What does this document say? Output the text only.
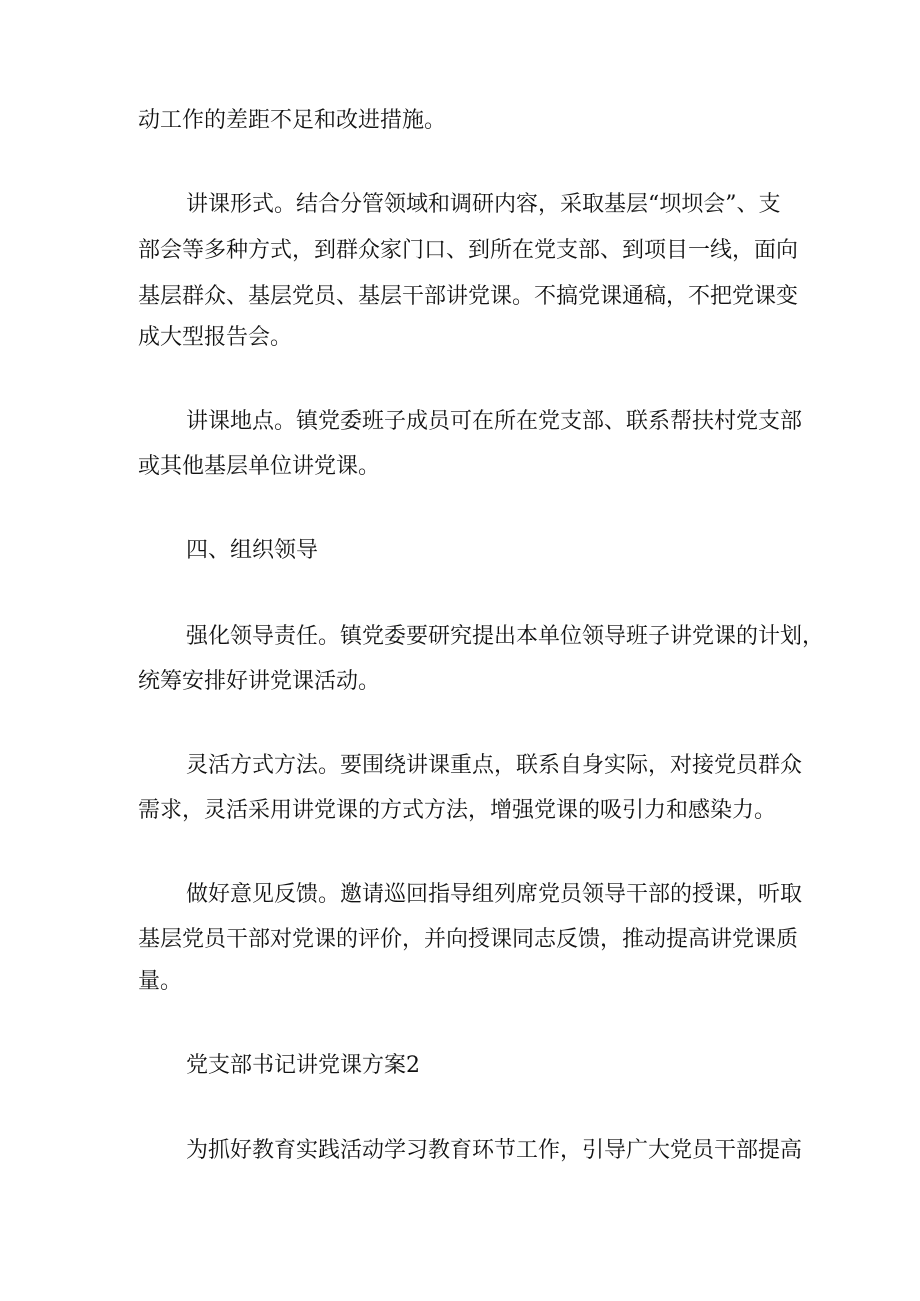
动工作的差距不足和改进措施。
讲课形式。结合分管领域和调研内容，采取基层“坝坝会”、支
部会等多种方式，到群众家门口、到所在党支部、到项目一线，面向
基层群众、基层党员、基层干部讲党课。不搞党课通稿，不把党课变
成大型报告会。
讲课地点。镇党委班子成员可在所在党支部、联系帮扶村党支部
或其他基层单位讲党课。
四、组织领导
强化领导责任。镇党委要研究提出本单位领导班子讲党课的计划，
统筹安排好讲党课活动。
灵活方式方法。要围绕讲课重点，联系自身实际，对接党员群众
需求，灵活采用讲党课的方式方法，增强党课的吸引力和感染力。
做好意见反馈。邀请巡回指导组列席党员领导干部的授课，听取
基层党员干部对党课的评价，并向授课同志反馈，推动提高讲党课质
量。
党支部书记讲党课方案2
为抓好教育实践活动学习教育环节工作，引导广大党员干部提高
